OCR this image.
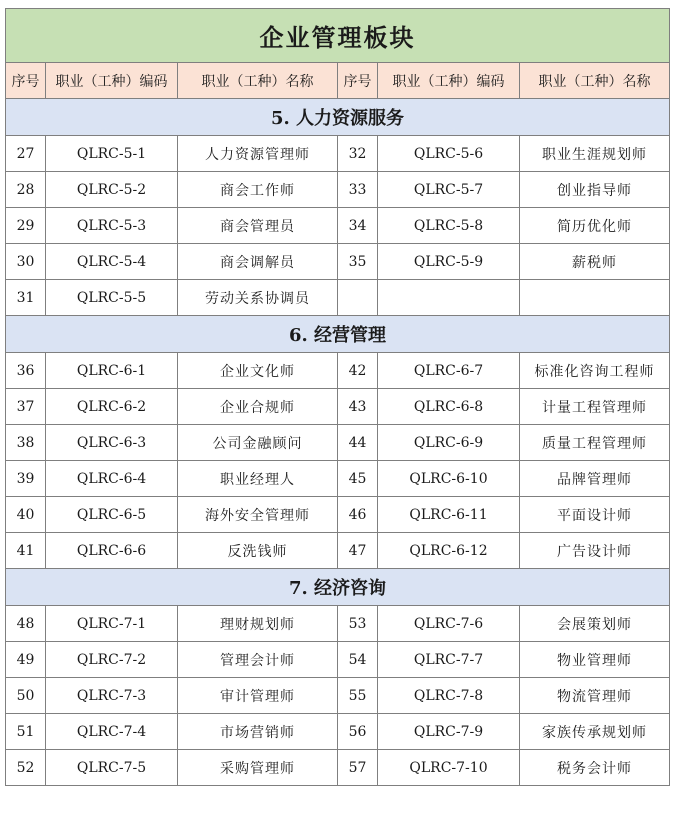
企业管理板块					
序号	职业（工种）编码	职业（工种）名称	序号	职业（工种）编码	职业（工种）名称
5. 人力资源服务					
27	QLRC-5-1	人力资源管理师	32	QLRC-5-6	职业生涯规划师
28	QLRC-5-2	商会工作师	33	QLRC-5-7	创业指导师
29	QLRC-5-3	商会管理员	34	QLRC-5-8	简历优化师
30	QLRC-5-4	商会调解员	35	QLRC-5-9	薪税师
31	QLRC-5-5	劳动关系协调员			
6. 经营管理					
36	QLRC-6-1	企业文化师	42	QLRC-6-7	标准化咨询工程师
37	QLRC-6-2	企业合规师	43	QLRC-6-8	计量工程管理师
38	QLRC-6-3	公司金融顾问	44	QLRC-6-9	质量工程管理师
39	QLRC-6-4	职业经理人	45	QLRC-6-10	品牌管理师
40	QLRC-6-5	海外安全管理师	46	QLRC-6-11	平面设计师
41	QLRC-6-6	反洗钱师	47	QLRC-6-12	广告设计师
7. 经济咨询					
48	QLRC-7-1	理财规划师	53	QLRC-7-6	会展策划师
49	QLRC-7-2	管理会计师	54	QLRC-7-7	物业管理师
50	QLRC-7-3	审计管理师	55	QLRC-7-8	物流管理师
51	QLRC-7-4	市场营销师	56	QLRC-7-9	家族传承规划师
52	QLRC-7-5	采购管理师	57	QLRC-7-10	税务会计师
